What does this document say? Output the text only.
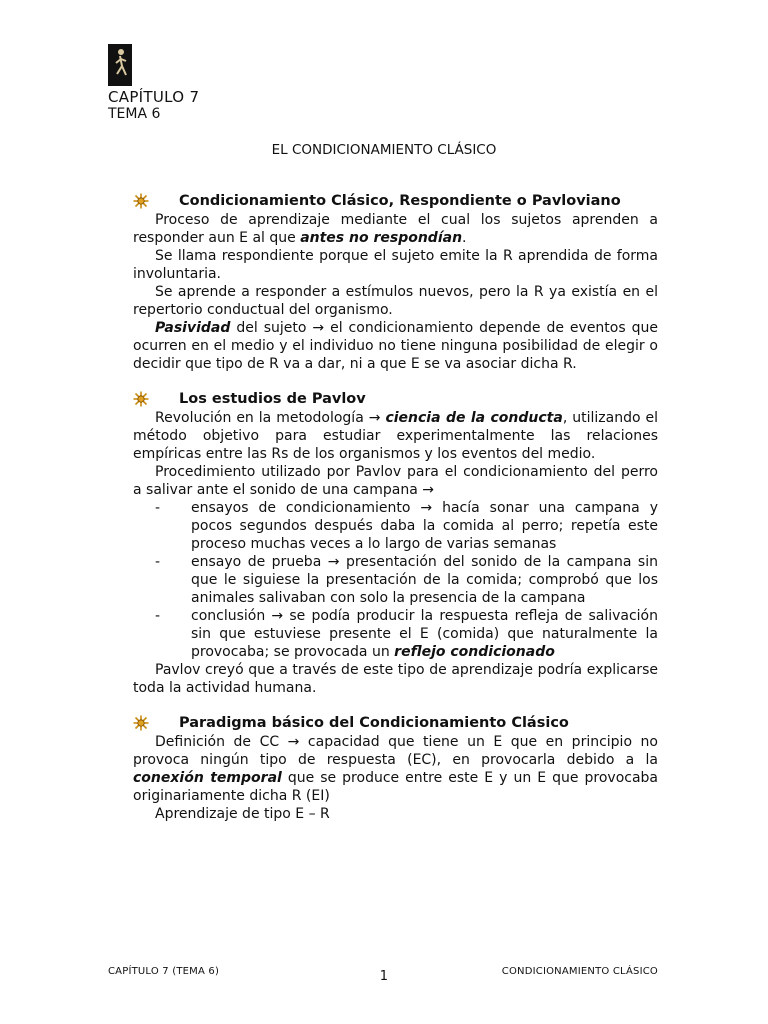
CAPÍTULO 7
TEMA 6
EL CONDICIONAMIENTO CLÁSICO
Condicionamiento Clásico, Respondiente o Pavloviano

Proceso de aprendizaje mediante el cual los sujetos aprenden a responder aun E al que antes no respondían.

Se llama respondiente porque el sujeto emite la R aprendida de forma involuntaria.

Se aprende a responder a estímulos nuevos, pero la R ya existía en el repertorio conductual del organismo.

Pasividad del sujeto → el condicionamiento depende de eventos que ocurren en el medio y el individuo no tiene ninguna posibilidad de elegir o decidir que tipo de R va a dar, ni a que E se va asociar dicha R.

Los estudios de Pavlov

Revolución en la metodología → ciencia de la conducta, utilizando el método objetivo para estudiar experimentalmente las relaciones empíricas entre las Rs de los organismos y los eventos del medio.

Procedimiento utilizado por Pavlov para el condicionamiento del perro a salivar ante el sonido de una campana →

- ensayos de condicionamiento → hacía sonar una campana y pocos segundos después daba la comida al perro; repetía este proceso muchas veces a lo largo de varias semanas
- ensayo de prueba → presentación del sonido de la campana sin que le siguiese la presentación de la comida; comprobó que los animales salivaban con solo la presencia de la campana
- conclusión → se podía producir la respuesta refleja de salivación sin que estuviese presente el E (comida) que naturalmente la provocaba; se provocada un reflejo condicionado

Pavlov creyó que a través de este tipo de aprendizaje podría explicarse toda la actividad humana.

Paradigma básico del Condicionamiento Clásico

Definición de CC → capacidad que tiene un E que en principio no provoca ningún tipo de respuesta (EC), en provocarla debido a la conexión temporal que se produce entre este E y un E que provocaba originariamente dicha R (EI)

Aprendizaje de tipo E – R

CAPÍTULO 7 (TEMA 6)	1	CONDICIONAMIENTO CLÁSICO
